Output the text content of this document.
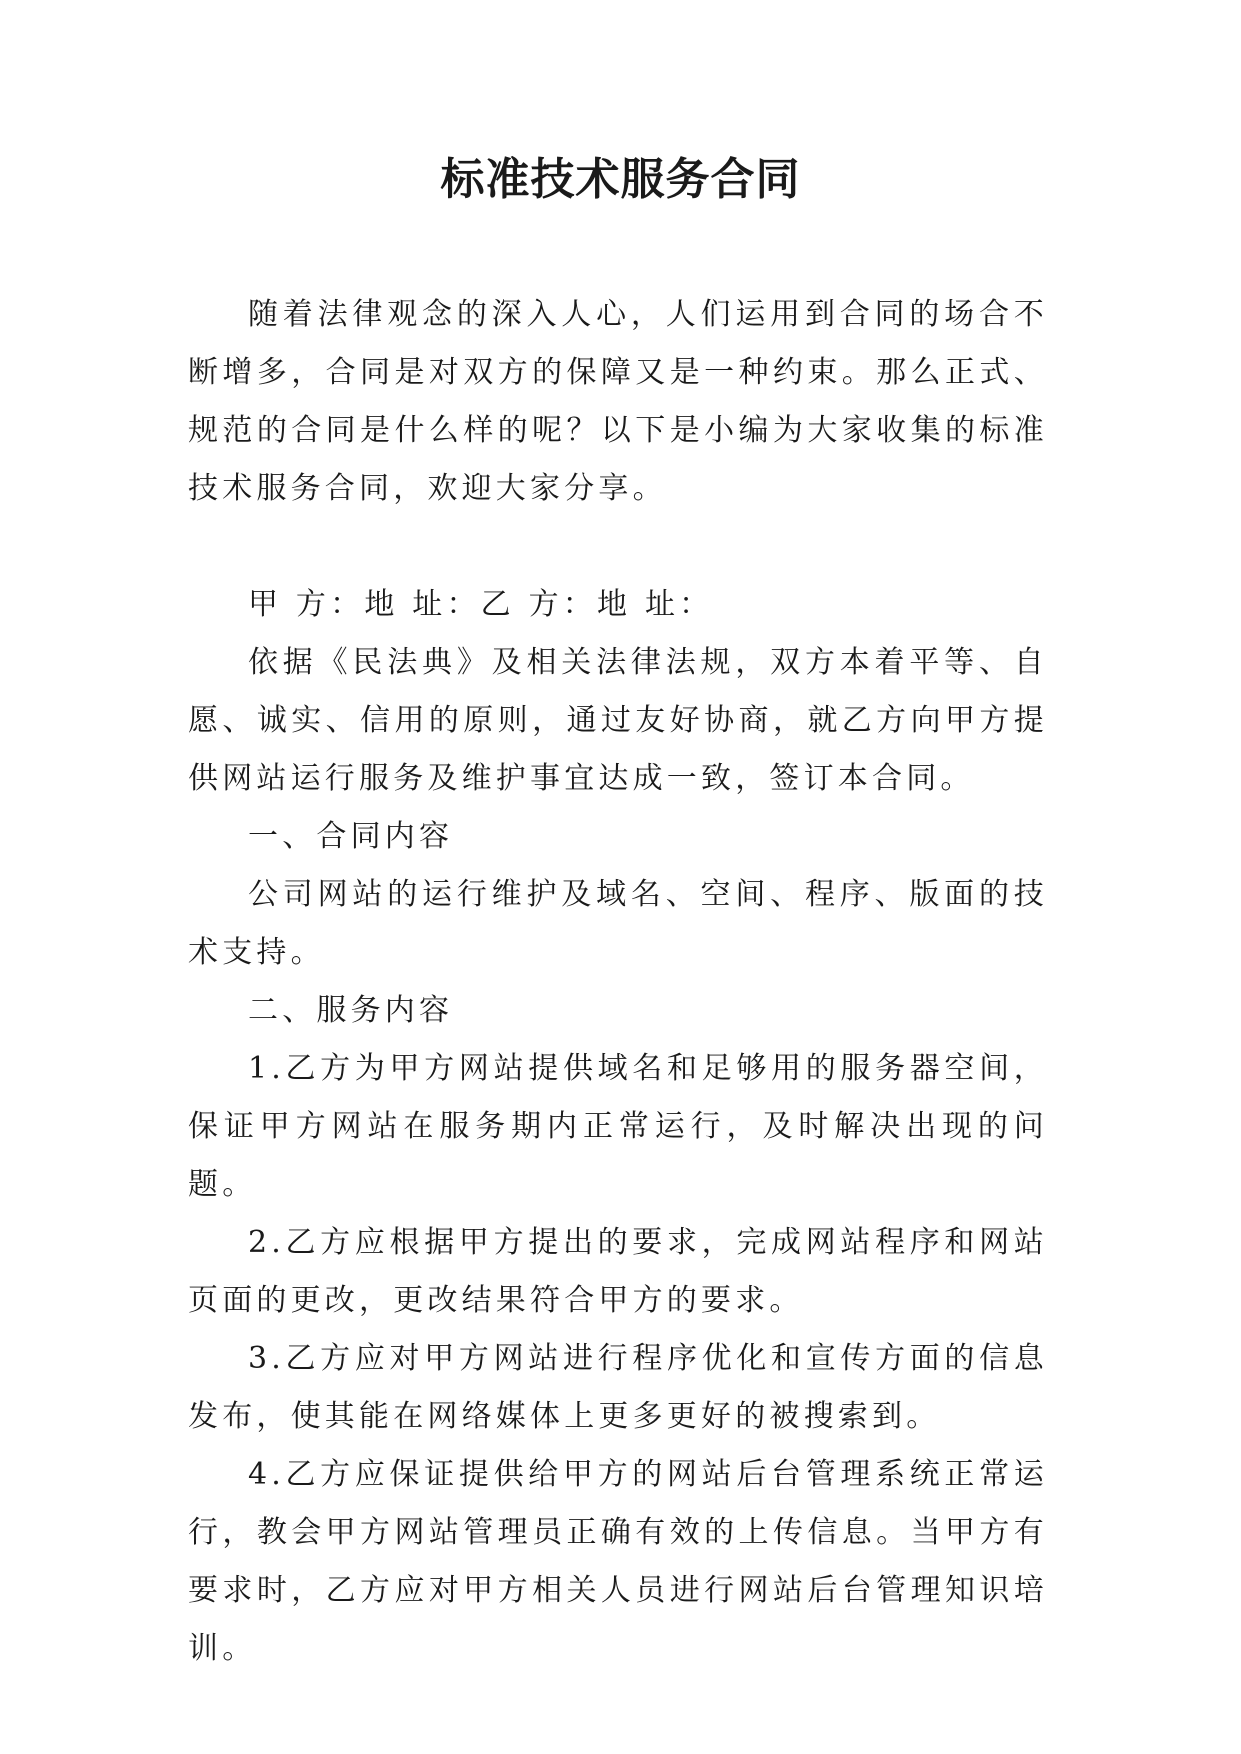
标准技术服务合同

随着法律观念的深入人心，人们运用到合同的场合不断增多，合同是对双方的保障又是一种约束。那么正式、规范的合同是什么样的呢？以下是小编为大家收集的标准技术服务合同，欢迎大家分享。

甲 方：地 址：乙 方：地 址：

依据《民法典》及相关法律法规，双方本着平等、自愿、诚实、信用的原则，通过友好协商，就乙方向甲方提供网站运行服务及维护事宜达成一致，签订本合同。

一、合同内容

公司网站的运行维护及域名、空间、程序、版面的技术支持。

二、服务内容

1.乙方为甲方网站提供域名和足够用的服务器空间，保证甲方网站在服务期内正常运行，及时解决出现的问题。

2.乙方应根据甲方提出的要求，完成网站程序和网站页面的更改，更改结果符合甲方的要求。

3.乙方应对甲方网站进行程序优化和宣传方面的信息发布，使其能在网络媒体上更多更好的被搜索到。

4.乙方应保证提供给甲方的网站后台管理系统正常运行，教会甲方网站管理员正确有效的上传信息。当甲方有要求时，乙方应对甲方相关人员进行网站后台管理知识培训。
